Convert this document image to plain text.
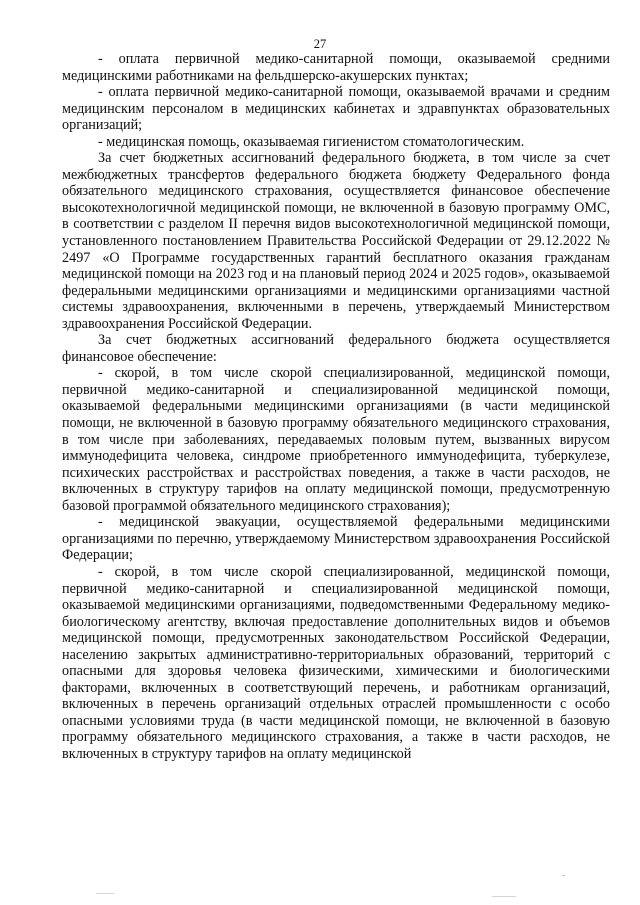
27

- оплата первичной медико-санитарной помощи, оказываемой средними медицинскими работниками на фельдшерско-акушерских пунктах;

- оплата первичной медико-санитарной помощи, оказываемой врачами и средним медицинским персоналом в медицинских кабинетах и здравпунктах образовательных организаций;

- медицинская помощь, оказываемая гигиенистом стоматологическим.

За счет бюджетных ассигнований федерального бюджета, в том числе за счет межбюджетных трансфертов федерального бюджета бюджету Федерального фонда обязательного медицинского страхования, осуществляется финансовое обеспечение высокотехнологичной медицинской помощи, не включенной в базовую программу ОМС, в соответствии с разделом II перечня видов высокотехнологичной медицинской помощи, установленного постановлением Правительства Российской Федерации от 29.12.2022 № 2497 «О Программе государственных гарантий бесплатного оказания гражданам медицинской помощи на 2023 год и на плановый период 2024 и 2025 годов», оказываемой федеральными медицинскими организациями и медицинскими организациями частной системы здравоохранения, включенными в перечень, утверждаемый Министерством здравоохранения Российской Федерации.

За счет бюджетных ассигнований федерального бюджета осуществляется финансовое обеспечение:

- скорой, в том числе скорой специализированной, медицинской помощи, первичной медико-санитарной и специализированной медицинской помощи, оказываемой федеральными медицинскими организациями (в части медицинской помощи, не включенной в базовую программу обязательного медицинского страхования, в том числе при заболеваниях, передаваемых половым путем, вызванных вирусом иммунодефицита человека, синдроме приобретенного иммунодефицита, туберкулезе, психических расстройствах и расстройствах поведения, а также в части расходов, не включенных в структуру тарифов на оплату медицинской помощи, предусмотренную базовой программой обязательного медицинского страхования);

- медицинской эвакуации, осуществляемой федеральными медицинскими организациями по перечню, утверждаемому Министерством здравоохранения Российской Федерации;

- скорой, в том числе скорой специализированной, медицинской помощи, первичной медико-санитарной и специализированной медицинской помощи, оказываемой медицинскими организациями, подведомственными Федеральному медико-биологическому агентству, включая предоставление дополнительных видов и объемов медицинской помощи, предусмотренных законодательством Российской Федерации, населению закрытых административно-территориальных образований, территорий с опасными для здоровья человека физическими, химическими и биологическими факторами, включенных в соответствующий перечень, и работникам организаций, включенных в перечень организаций отдельных отраслей промышленности с особо опасными условиями труда (в части медицинской помощи, не включенной в базовую программу обязательного медицинского страхования, а также в части расходов, не включенных в структуру тарифов на оплату медицинской
